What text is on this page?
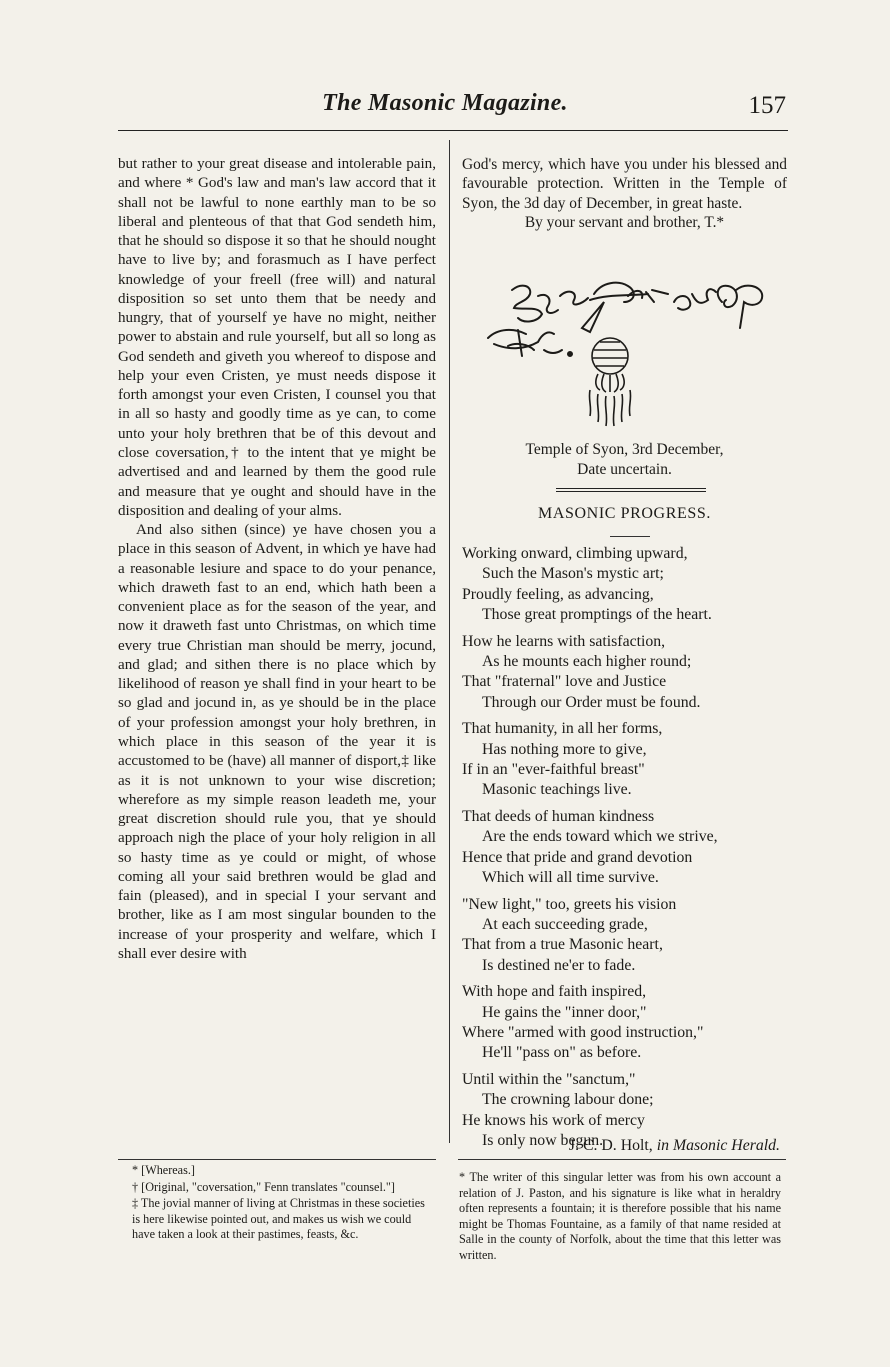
The Masonic Magazine.	157

but rather to your great disease and intolerable pain, and where * God's law and man's law accord that it shall not be lawful to none earthly man to be so liberal and plenteous of that that God sendeth him, that he should so dispose it so that he should nought have to live by; and forasmuch as I have perfect knowledge of your freell (free will) and natural disposition so set unto them that be needy and hungry, that of yourself ye have no might, neither power to abstain and rule yourself, but all so long as God sendeth and giveth you whereof to dispose and help your even Cristen, ye must needs dispose it forth amongst your even Cristen, I counsel you that in all so hasty and goodly time as ye can, to come unto your holy brethren that be of this devout and close coversation,† to the intent that ye might be advertised and and learned by them the good rule and measure that ye ought and should have in the disposition and dealing of your alms.

And also sithen (since) ye have chosen you a place in this season of Advent, in which ye have had a reasonable lesiure and space to do your penance, which draweth fast to an end, which hath been a convenient place as for the season of the year, and now it draweth fast unto Christmas, on which time every true Christian man should be merry, jocund, and glad; and sithen there is no place which by likelihood of reason ye shall find in your heart to be so glad and jocund in, as ye should be in the place of your profession amongst your holy brethren, in which place in this season of the year it is accustomed to be (have) all manner of disport,‡ like as it is not unknown to your wise discretion; wherefore as my simple reason leadeth me, your great discretion should rule you, that ye should approach nigh the place of your holy religion in all so hasty time as ye could or might, of whose coming all your said brethren would be glad and fain (pleased), and in special I your servant and brother, like as I am most singular bounden to the increase of your prosperity and welfare, which I shall ever desire with

God's mercy, which have you under his blessed and favourable protection. Written in the Temple of Syon, the 3d day of December, in great haste.

By your servant and brother, T.*

Temple of Syon, 3rd December,
Date uncertain.
MASONIC PROGRESS.
Working onward, climbing upward,
Such the Mason's mystic art;
Proudly feeling, as advancing,
Those great promptings of the heart.
How he learns with satisfaction,
As he mounts each higher round;
That "fraternal" love and Justice
Through our Order must be found.
That humanity, in all her forms,
Has nothing more to give,
If in an "ever-faithful breast"
Masonic teachings live.
That deeds of human kindness
Are the ends toward which we strive,
Hence that pride and grand devotion
Which will all time survive.
"New light," too, greets his vision
At each succeeding grade,
That from a true Masonic heart,
Is destined ne'er to fade.
With hope and faith inspired,
He gains the "inner door,"
Where "armed with good instruction,"
He'll "pass on" as before.
Until within the "sanctum,"
The crowning labour done;
He knows his work of mercy
Is only now begun.
J. C. D. Holt, in Masonic Herald.

* [Whereas.]

† [Original, "coversation," Fenn translates "counsel."]

‡ The jovial manner of living at Christmas in these societies is here likewise pointed out, and makes us wish we could have taken a look at their pastimes, feasts, &c.

* The writer of this singular letter was from his own account a relation of J. Paston, and his signature is like what in heraldry often represents a fountain; it is therefore possible that his name might be Thomas Fountaine, as a family of that name resided at Salle in the county of Norfolk, about the time that this letter was written.
